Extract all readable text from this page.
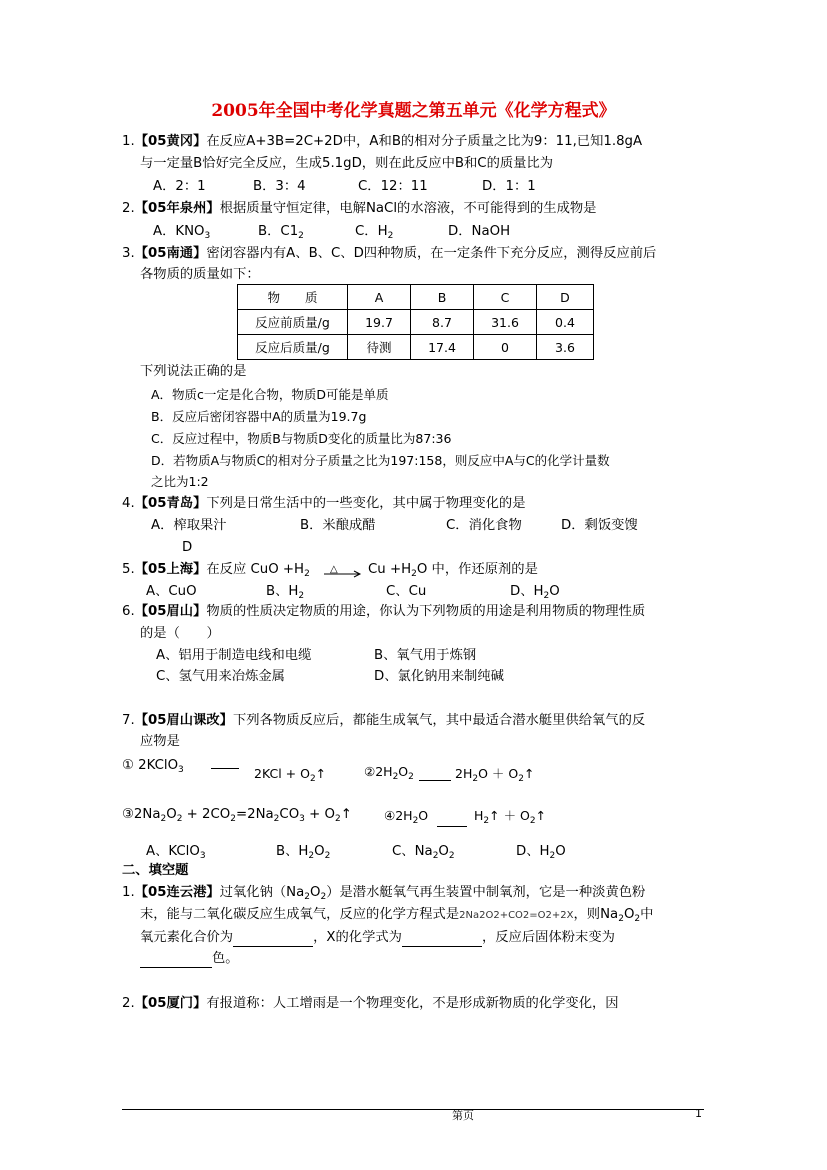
2005年全国中考化学真题之第五单元《化学方程式》
1.【05黄冈】在反应A+3B=2C+2D中，A和B的相对分子质量之比为9：11,已知1.8gA
与一定量B恰好完全反应，生成5.1gD，则在此反应中B和C的质量比为
A．2：1	B．3：4	C．12：11	D．1：1
2.【05年泉州】根据质量守恒定律，电解NaCl的水溶液，不可能得到的生成物是
A．$KNO_3$	B．$C1_2$	C．$H_2$	D．NaOH
3.【05南通】密闭容器内有A、B、C、D四种物质，在一定条件下充分反应，测得反应前后
各物质的质量如下：
物　　质	A	B	C	D
反应前质量/g	19.7	8.7	31.6	0.4
反应后质量/g	待测	17.4	0	3.6
下列说法正确的是
A．物质c一定是化合物，物质D可能是单质
B．反应后密闭容器中A的质量为19.7g
C．反应过程中，物质B与物质D变化的质量比为87:36
D．若物质A与物质C的相对分子质量之比为197:158，则反应中A与C的化学计量数
之比为1:2
4.【05青岛】下列是日常生活中的一些变化，其中属于物理变化的是
A．榨取果汁	B．米酿成醋	C．消化食物	D．剩饭变馊
D
5.【05上海】在反应 CuO $+H_2$ △ → $Cu +H_2O$ 中，作还原剂的是
A、CuO	B、$H_2$	C、Cu	D、$H_2O$
6.【05眉山】物质的性质决定物质的用途，你认为下列物质的用途是利用物质的物理性质
的是（　　）
A、铝用于制造电线和电缆	B、氧气用于炼钢
C、氢气用来冶炼金属	D、氯化钠用来制纯碱
7.【05眉山课改】下列各物质反应后，都能生成氧气，其中最适合潜水艇里供给氧气的反
应物是
① 2KClO$_3$	$2KCl + O_2↑$	$②2H_2O_2$	$2H_2O$ ＋ $O_2↑$
$③2Na_2O_2 + 2CO_2=2Na_2CO_3$ + $O_2↑$	$④2H_2O$	$H_2↑$ ＋ $O_2↑$
A、KClO$_3$	B、$H_2O_2$	C、$Na_2O_2$	D、$H_2O$
二、填空题
1.【05连云港】过氧化钠$(Na_2O_2)$是潜水艇氧气再生装置中制氧剂，它是一种淡黄色粉
末，能与二氧化碳反应生成氧气，反应的化学方程式是2Na2O2+CO2=O2+2X，则$Na_2O_2$中
氧元素化合价为	，X的化学式为	，反应后固体粉末变为
色。
2.【05厦门】有报道称：人工增雨是一个物理变化，不是形成新物质的化学变化，因
第页	1
